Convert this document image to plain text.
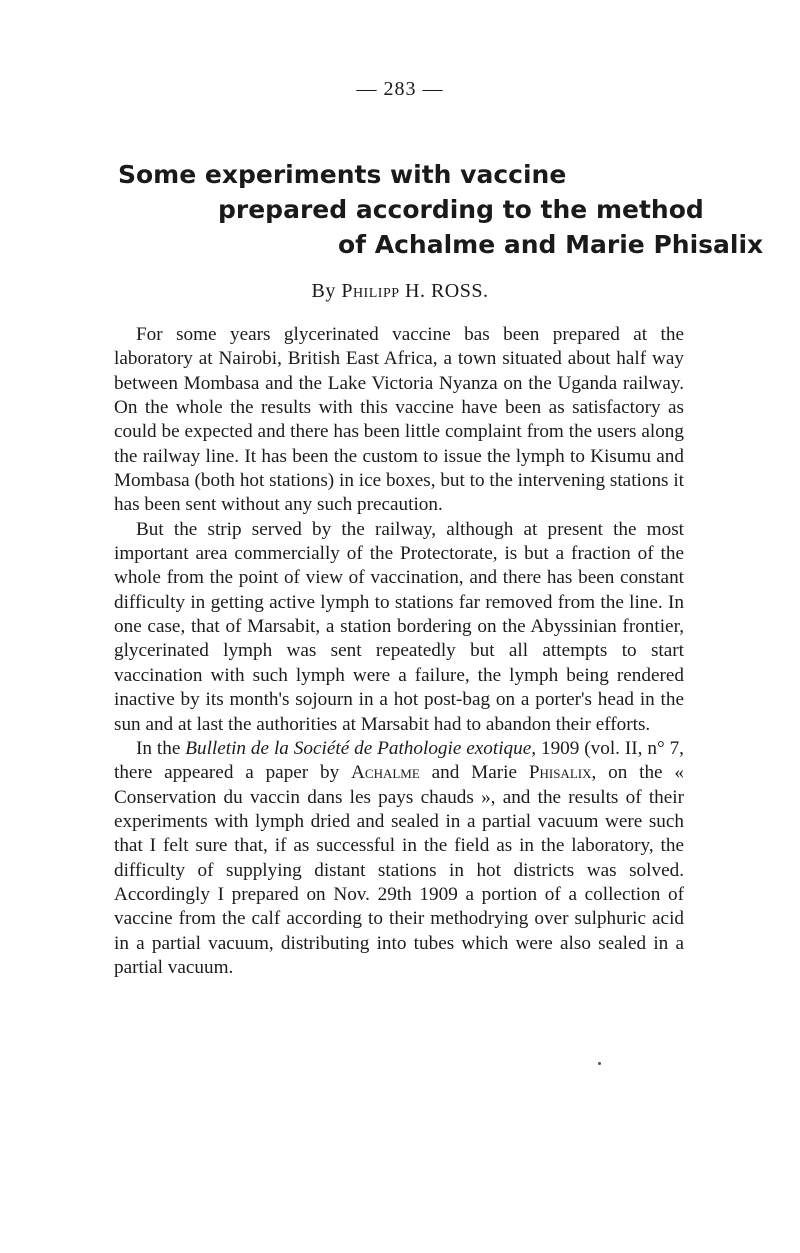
— 283 —
Some experiments with vaccine
prepared according to the method
of Achalme and Marie Phisalix
By Philipp H. ROSS.

For some years glycerinated vaccine bas been prepared at the laboratory at Nairobi, British East Africa, a town situated about half way between Mombasa and the Lake Victoria Nyanza on the Uganda railway. On the whole the results with this vaccine have been as satisfactory as could be expected and there has been little complaint from the users along the railway line. It has been the custom to issue the lymph to Kisumu and Mombasa (both hot stations) in ice boxes, but to the intervening stations it has been sent without any such precaution.

But the strip served by the railway, although at present the most important area commercially of the Protectorate, is but a fraction of the whole from the point of view of vaccination, and there has been constant difficulty in getting active lymph to stations far removed from the line. In one case, that of Marsabit, a station bordering on the Abyssinian frontier, glycerinated lymph was sent repeatedly but all attempts to start vaccination with such lymph were a failure, the lymph being rendered inactive by its month's sojourn in a hot post-bag on a porter's head in the sun and at last the authorities at Marsabit had to abandon their efforts.

In the Bulletin de la Société de Pathologie exotique, 1909 (vol. II, n° 7, there appeared a paper by Achalme and Marie Phisalix, on the « Conservation du vaccin dans les pays chauds », and the results of their experiments with lymph dried and sealed in a partial vacuum were such that I felt sure that, if as successful in the field as in the laboratory, the difficulty of supplying distant stations in hot districts was solved. Accordingly I prepared on Nov. 29th 1909 a portion of a collection of vaccine from the calf according to their methodrying over sulphuric acid in a partial vacuum, distributing into tubes which were also sealed in a partial vacuum.
